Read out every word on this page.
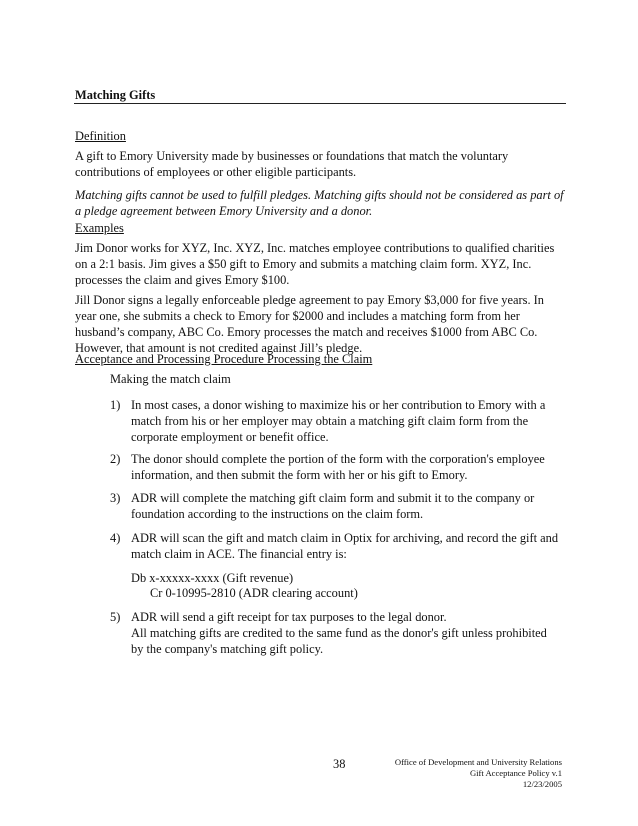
Matching Gifts
Definition
A gift to Emory University made by businesses or foundations that match the voluntary contributions of employees or other eligible participants.
Matching gifts cannot be used to fulfill pledges. Matching gifts should not be considered as part of a pledge agreement between Emory University and a donor.
Examples
Jim Donor works for XYZ, Inc. XYZ, Inc. matches employee contributions to qualified charities on a 2:1 basis. Jim gives a $50 gift to Emory and submits a matching claim form. XYZ, Inc. processes the claim and gives Emory $100.
Jill Donor signs a legally enforceable pledge agreement to pay Emory $3,000 for five years. In year one, she submits a check to Emory for $2000 and includes a matching form from her husband’s company, ABC Co. Emory processes the match and receives $1000 from ABC Co. However, that amount is not credited against Jill’s pledge.
Acceptance and Processing Procedure Processing the Claim
Making the match claim
1) In most cases, a donor wishing to maximize his or her contribution to Emory with a match from his or her employer may obtain a matching gift claim form from the corporate employment or benefit office.
2) The donor should complete the portion of the form with the corporation's employee information, and then submit the form with her or his gift to Emory.
3) ADR will complete the matching gift claim form and submit it to the company or foundation according to the instructions on the claim form.
4) ADR will scan the gift and match claim in Optix for archiving, and record the gift and match claim in ACE. The financial entry is:
Db x-xxxxx-xxxx (Gift revenue)
Cr 0-10995-2810 (ADR clearing account)
5) ADR will send a gift receipt for tax purposes to the legal donor.
All matching gifts are credited to the same fund as the donor's gift unless prohibited by the company's matching gift policy.
38	Office of Development and University Relations
Gift Acceptance Policy v.1
12/23/2005
